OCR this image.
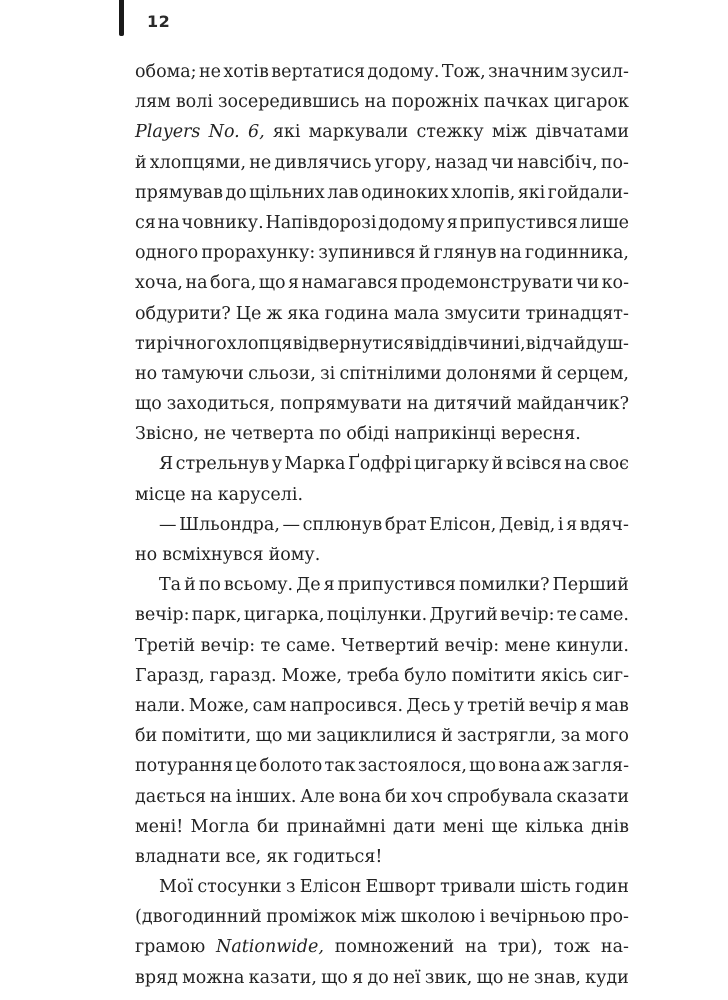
12
обома; не хотів вертатися додому. Тож, значним зусил-
лям волі зосередившись на порожніх пачках цигарок
Players No. 6, які маркували стежку між дівчатами
й хлопцями, не дивлячись угору, назад чи навсібіч, по-
прямував до щільних лав одиноких хлопів, які гойдали-
ся на човнику. Напівдорозі додому я припустився лише
одного прорахунку: зупинився й глянув на годинника,
хоча, на бога, що я намагався продемонструвати чи ко-
обдурити? Це ж яка година мала змусити тринадцят-
тирічного хлопця відвернутися від дівчини і, відчайдуш-
но тамуючи сльози, зі спітнілими долонями й серцем,
що заходиться, попрямувати на дитячий майданчик?
Звісно, не четверта по обіді наприкінці вересня.
Я стрельнув у Марка Ґодфрі цигарку й всівся на своє
місце на каруселі.
— Шльондра, — сплюнув брат Елісон, Девід, і я вдяч-
но всміхнувся йому.
Та й по всьому. Де я припустився помилки? Перший
вечір: парк, цигарка, поцілунки. Другий вечір: те саме.
Третій вечір: те саме. Четвертий вечір: мене кинули.
Гаразд, гаразд. Може, треба було помітити якісь сиг-
нали. Може, сам напросився. Десь у третій вечір я мав
би помітити, що ми зациклилися й застрягли, за мого
потурання це болото так застоялося, що вона аж загля-
дається на інших. Але вона би хоч спробувала сказати
мені! Могла би принаймні дати мені ще кілька днів
владнати все, як годиться!
Мої стосунки з Елісон Ешворт тривали шість годин
(двогодинний проміжок між школою і вечірньою про-
грамою Nationwide, помножений на три), тож на-
вряд можна казати, що я до неї звик, що не знав, куди
